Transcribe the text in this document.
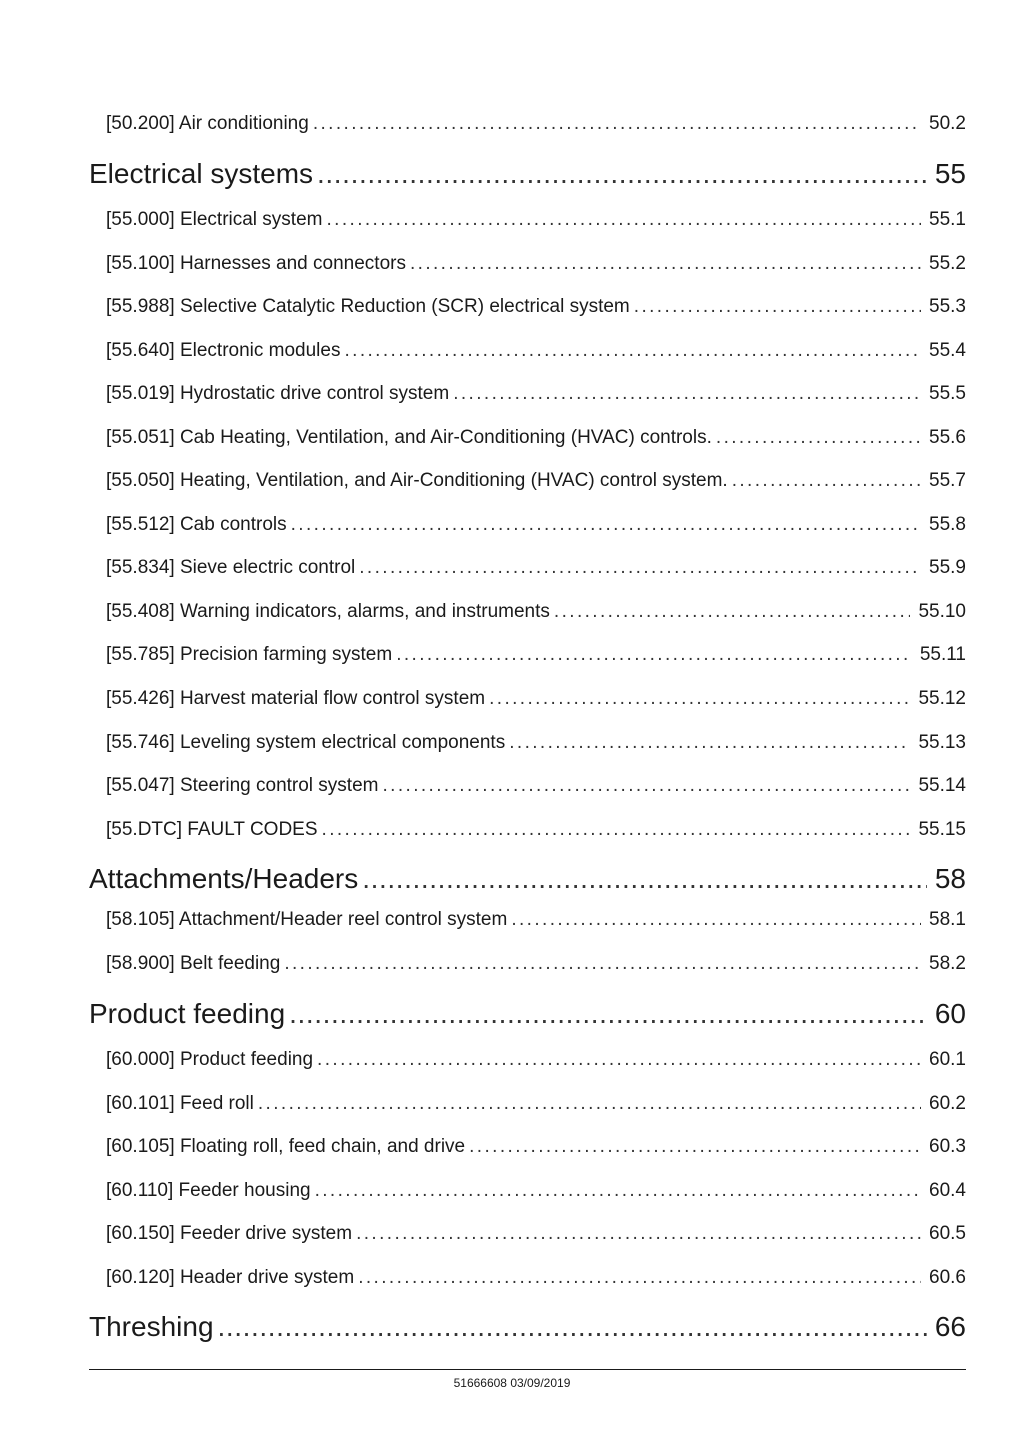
[50.200] Air conditioning .....	50.2
Electrical systems .....	55
[55.000] Electrical system .....	55.1
[55.100] Harnesses and connectors .....	55.2
[55.988] Selective Catalytic Reduction (SCR) electrical system .....	55.3
[55.640] Electronic modules .....	55.4
[55.019] Hydrostatic drive control system .....	55.5
[55.051] Cab Heating, Ventilation, and Air-Conditioning (HVAC) controls. .....	55.6
[55.050] Heating, Ventilation, and Air-Conditioning (HVAC) control system. .....	55.7
[55.512] Cab controls .....	55.8
[55.834] Sieve electric control .....	55.9
[55.408] Warning indicators, alarms, and instruments .....	55.10
[55.785] Precision farming system .....	55.11
[55.426] Harvest material flow control system .....	55.12
[55.746] Leveling system electrical components .....	55.13
[55.047] Steering control system .....	55.14
[55.DTC] FAULT CODES .....	55.15
Attachments/Headers .....	58
[58.105] Attachment/Header reel control system .....	58.1
[58.900] Belt feeding .....	58.2
Product feeding .....	60
[60.000] Product feeding .....	60.1
[60.101] Feed roll .....	60.2
[60.105] Floating roll, feed chain, and drive .....	60.3
[60.110] Feeder housing .....	60.4
[60.150] Feeder drive system .....	60.5
[60.120] Header drive system .....	60.6
Threshing .....	66
51666608 03/09/2019
